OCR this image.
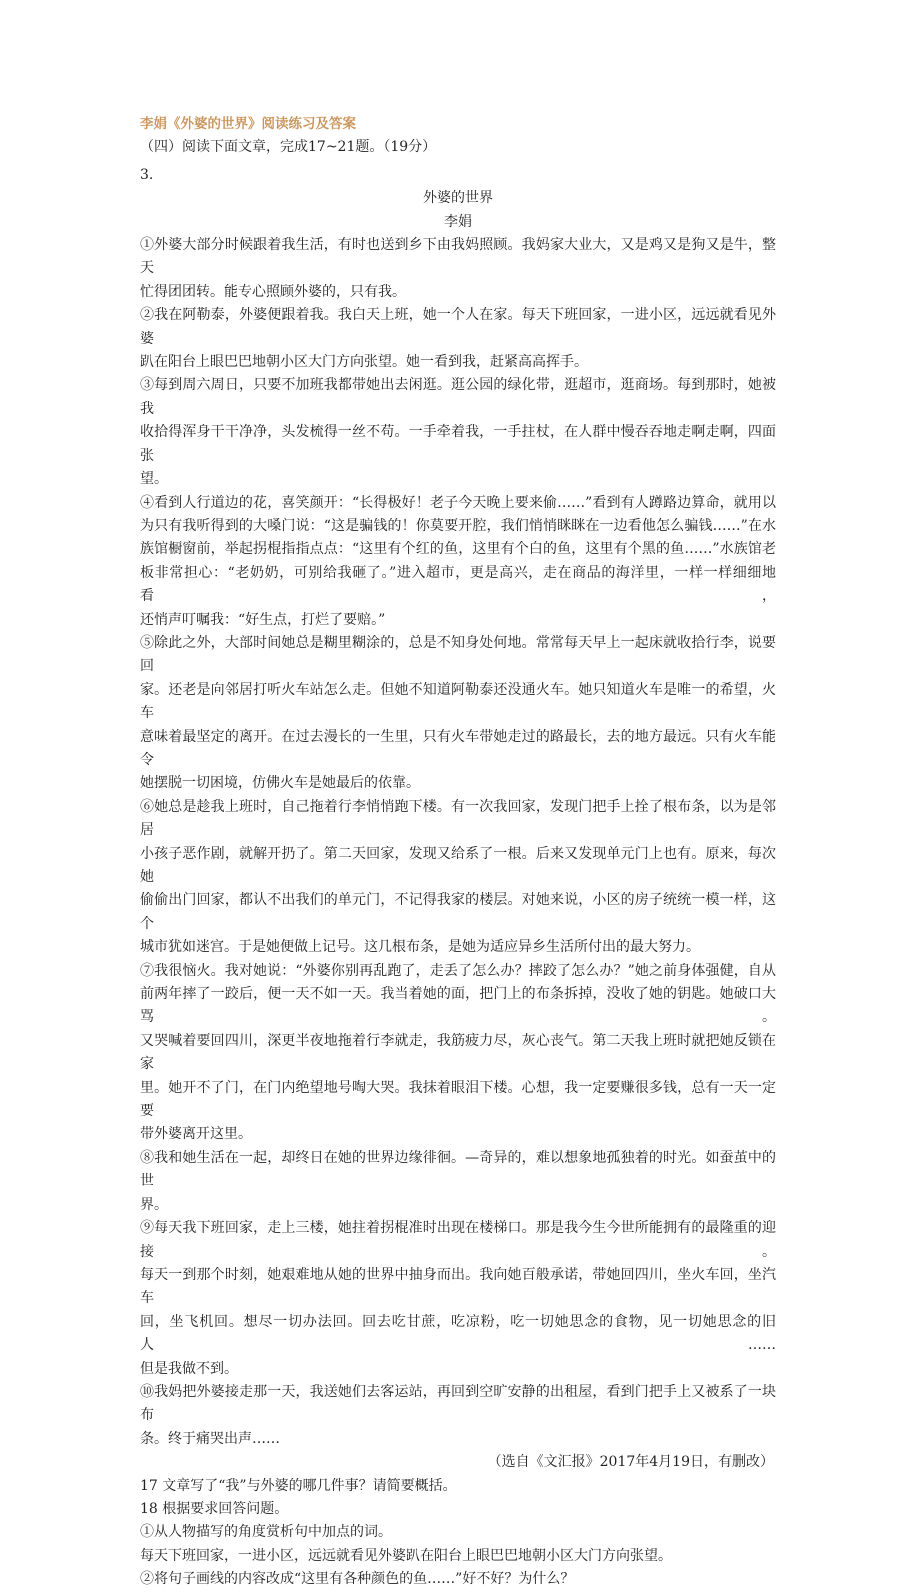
李娟《外婆的世界》阅读练习及答案
（四）阅读下面文章，完成17~21题。（19分）
3.
外婆的世界
李娟
①外婆大部分时候跟着我生活，有时也送到乡下由我妈照顾。我妈家大业大，又是鸡又是狗又是牛，整天
忙得团团转。能专心照顾外婆的，只有我。
②我在阿勒泰，外婆便跟着我。我白天上班，她一个人在家。每天下班回家，一进小区，远远就看见外婆
趴在阳台上眼巴巴地朝小区大门方向张望。她一看到我，赶紧高高挥手。
③每到周六周日，只要不加班我都带她出去闲逛。逛公园的绿化带，逛超市，逛商场。每到那时，她被我
收拾得浑身干干净净，头发梳得一丝不苟。一手牵着我，一手拄杖，在人群中慢吞吞地走啊走啊，四面张
望。
④看到人行道边的花，喜笑颜开：“长得极好！老子今天晚上要来偷……”看到有人蹲路边算命，就用以
为只有我听得到的大嗓门说：“这是骗钱的！你莫要开腔，我们悄悄眯眯在一边看他怎么骗钱……”在水
族馆橱窗前，举起拐棍指指点点：“这里有个红的鱼，这里有个白的鱼，这里有个黑的鱼……”水族馆老
板非常担心：“老奶奶，可别给我砸了。”进入超市，更是高兴，走在商品的海洋里，一样一样细细地看，
还悄声叮嘱我：“好生点，打烂了要赔。”
⑤除此之外，大部时间她总是糊里糊涂的，总是不知身处何地。常常每天早上一起床就收拾行李，说要回
家。还老是向邻居打听火车站怎么走。但她不知道阿勒泰还没通火车。她只知道火车是唯一的希望，火车
意味着最坚定的离开。在过去漫长的一生里，只有火车带她走过的路最长，去的地方最远。只有火车能令
她摆脱一切困境，仿佛火车是她最后的依靠。
⑥她总是趁我上班时，自己拖着行李悄悄跑下楼。有一次我回家，发现门把手上拴了根布条，以为是邻居
小孩子恶作剧，就解开扔了。第二天回家，发现又给系了一根。后来又发现单元门上也有。原来，每次她
偷偷出门回家，都认不出我们的单元门，不记得我家的楼层。对她来说，小区的房子统统一模一样，这个
城市犹如迷宫。于是她便做上记号。这几根布条，是她为适应异乡生活所付出的最大努力。
⑦我很恼火。我对她说：“外婆你别再乱跑了，走丢了怎么办？摔跤了怎么办？”她之前身体强健，自从
前两年摔了一跤后，便一天不如一天。我当着她的面，把门上的布条拆掉，没收了她的钥匙。她破口大骂。
又哭喊着要回四川，深更半夜地拖着行李就走，我筋疲力尽，灰心丧气。第二天我上班时就把她反锁在家
里。她开不了门，在门内绝望地号啕大哭。我抹着眼泪下楼。心想，我一定要赚很多钱，总有一天一定要
带外婆离开这里。
⑧我和她生活在一起，却终日在她的世界边缘徘徊。—奇异的，难以想象地孤独着的时光。如蚕茧中的世
界。
⑨每天我下班回家，走上三楼，她拄着拐棍准时出现在楼梯口。那是我今生今世所能拥有的最隆重的迎接。
每天一到那个时刻，她艰难地从她的世界中抽身而出。我向她百般承诺，带她回四川，坐火车回，坐汽车
回，坐飞机回。想尽一切办法回。回去吃甘蔗，吃凉粉，吃一切她思念的食物，见一切她思念的旧人……
但是我做不到。
⑩我妈把外婆接走那一天，我送她们去客运站，再回到空旷安静的出租屋，看到门把手上又被系了一块布
条。终于痛哭出声……
（选自《文汇报》2017年4月19日，有删改）
17 文章写了“我”与外婆的哪几件事？请简要概括。
18 根据要求回答问题。
①从人物描写的角度赏析句中加点的词。
每天下班回家，一进小区，远远就看见外婆趴在阳台上眼巴巴地朝小区大门方向张望。
②将句子画线的内容改成“这里有各种颜色的鱼……”好不好？为什么？
